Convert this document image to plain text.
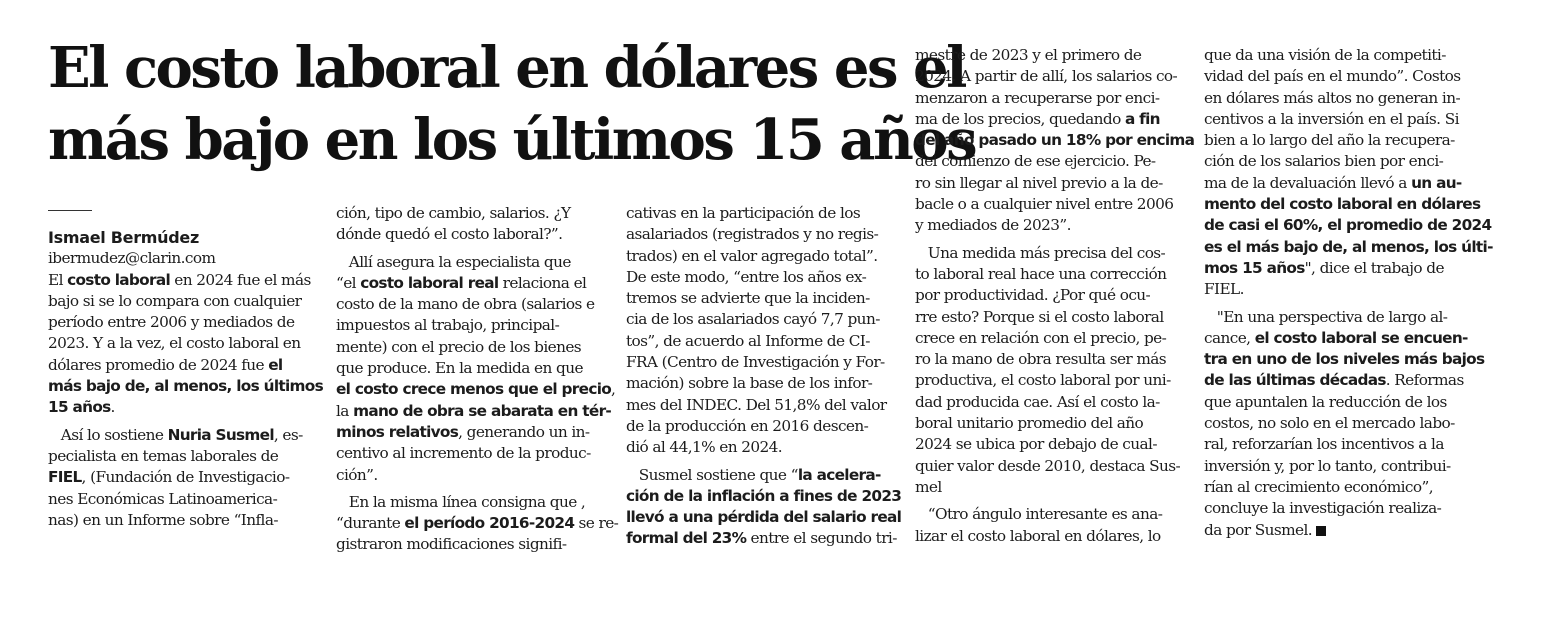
El costo laboral en dólares es el
más bajo en los últimos 15 años

Ismael Bermúdez

ibermudez@clarin.com

El costo laboral en 2024 fue el más

bajo si se lo compara con cualquier

período entre 2006 y mediados de

2023. Y a la vez, el costo laboral en

dólares promedio de 2024 fue el

más bajo de, al menos, los últimos

15 años.

Así lo sostiene Nuria Susmel, es-

pecialista en temas laborales de

FIEL, (Fundación de Investigacio-

nes Económicas Latinoamerica-

nas) en un Informe sobre “Infla-

ción, tipo de cambio, salarios. ¿Y

dónde quedó el costo laboral?”.

Allí asegura la especialista que

“el costo laboral real relaciona el

costo de la mano de obra (salarios e

impuestos al trabajo, principal-

mente) con el precio de los bienes

que produce. En la medida en que

el costo crece menos que el precio,

la mano de obra se abarata en tér-

minos relativos, generando un in-

centivo al incremento de la produc-

ción”.

En la misma línea consigna que ,

“durante el período 2016-2024 se re-

gistraron modificaciones signifi-

cativas en la participación de los

asalariados (registrados y no regis-

trados) en el valor agregado total”.

De este modo, “entre los años ex-

tremos se advierte que la inciden-

cia de los asalariados cayó 7,7 pun-

tos”, de acuerdo al Informe de CI-

FRA (Centro de Investigación y For-

mación) sobre la base de los infor-

mes del INDEC. Del 51,8% del valor

de la producción en 2016 descen-

dió al 44,1% en 2024.

Susmel sostiene que “la acelera-

ción de la inflación a fines de 2023

llevó a una pérdida del salario real

formal del 23% entre el segundo tri-

mestre de 2023 y el primero de

2024. A partir de allí, los salarios co-

menzaron a recuperarse por enci-

ma de los precios, quedando a fin

del año pasado un 18% por encima

del comienzo de ese ejercicio. Pe-

ro sin llegar al nivel previo a la de-

bacle o a cualquier nivel entre 2006

y mediados de 2023”.

Una medida más precisa del cos-

to laboral real hace una corrección

por productividad. ¿Por qué ocu-

rre esto? Porque si el costo laboral

crece en relación con el precio, pe-

ro la mano de obra resulta ser más

productiva, el costo laboral por uni-

dad producida cae. Así el costo la-

boral unitario promedio del año

2024 se ubica por debajo de cual-

quier valor desde 2010, destaca Sus-

mel

“Otro ángulo interesante es ana-

lizar el costo laboral en dólares, lo

que da una visión de la competiti-

vidad del país en el mundo”. Costos

en dólares más altos no generan in-

centivos a la inversión en el país. Si

bien a lo largo del año la recupera-

ción de los salarios bien por enci-

ma de la devaluación llevó a un au-

mento del costo laboral en dólares

de casi el 60%, el promedio de 2024

es el más bajo de, al menos, los últi-

mos 15 años", dice el trabajo de

FIEL.

"En una perspectiva de largo al-

cance, el costo laboral se encuen-

tra en uno de los niveles más bajos

de las últimas décadas. Reformas

que apuntalen la reducción de los

costos, no solo en el mercado labo-

ral, reforzarían los incentivos a la

inversión y, por lo tanto, contribui-

rían al crecimiento económico”,

concluye la investigación realiza-

da por Susmel.
